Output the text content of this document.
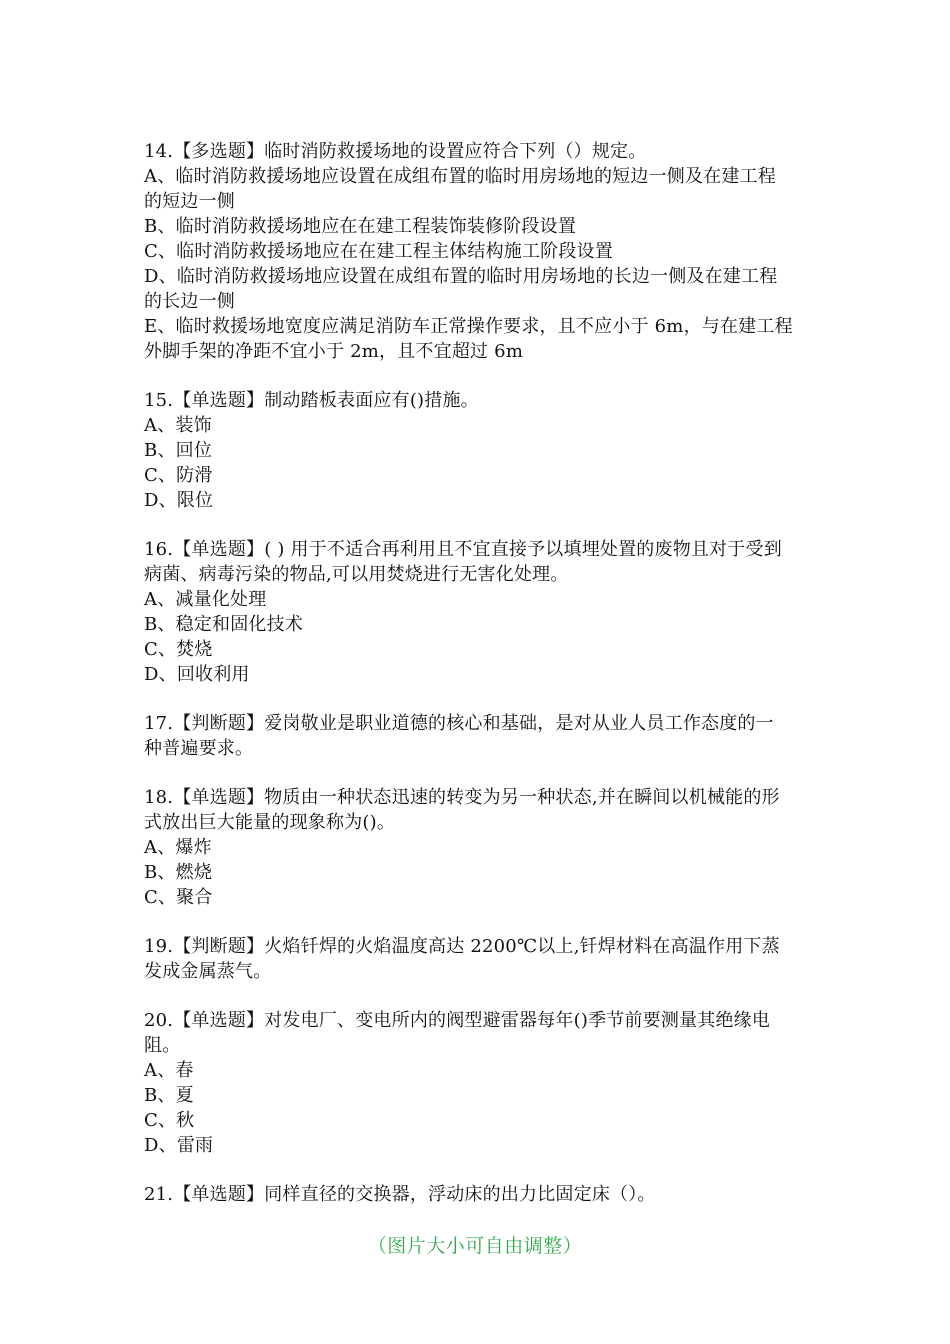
14.【多选题】临时消防救援场地的设置应符合下列（）规定。
A、临时消防救援场地应设置在成组布置的临时用房场地的短边一侧及在建工程
的短边一侧
B、临时消防救援场地应在在建工程装饰装修阶段设置
C、临时消防救援场地应在在建工程主体结构施工阶段设置
D、临时消防救援场地应设置在成组布置的临时用房场地的长边一侧及在建工程
的长边一侧
E、临时救援场地宽度应满足消防车正常操作要求，且不应小于 6m，与在建工程
外脚手架的净距不宜小于 2m，且不宜超过 6m
15.【单选题】制动踏板表面应有()措施。
A、装饰
B、回位
C、防滑
D、限位
16.【单选题】( ) 用于不适合再利用且不宜直接予以填埋处置的废物且对于受到
病菌、病毒污染的物品,可以用焚烧进行无害化处理。
A、减量化处理
B、稳定和固化技术
C、焚烧
D、回收利用
17.【判断题】爱岗敬业是职业道德的核心和基础，是对从业人员工作态度的一
种普遍要求。
18.【单选题】物质由一种状态迅速的转变为另一种状态,并在瞬间以机械能的形
式放出巨大能量的现象称为()。
A、爆炸
B、燃烧
C、聚合
19.【判断题】火焰钎焊的火焰温度高达 2200℃以上,钎焊材料在高温作用下蒸
发成金属蒸气。
20.【单选题】对发电厂、变电所内的阀型避雷器每年()季节前要测量其绝缘电
阻。
A、春
B、夏
C、秋
D、雷雨
21.【单选题】同样直径的交换器，浮动床的出力比固定床（）。
（图片大小可自由调整）
